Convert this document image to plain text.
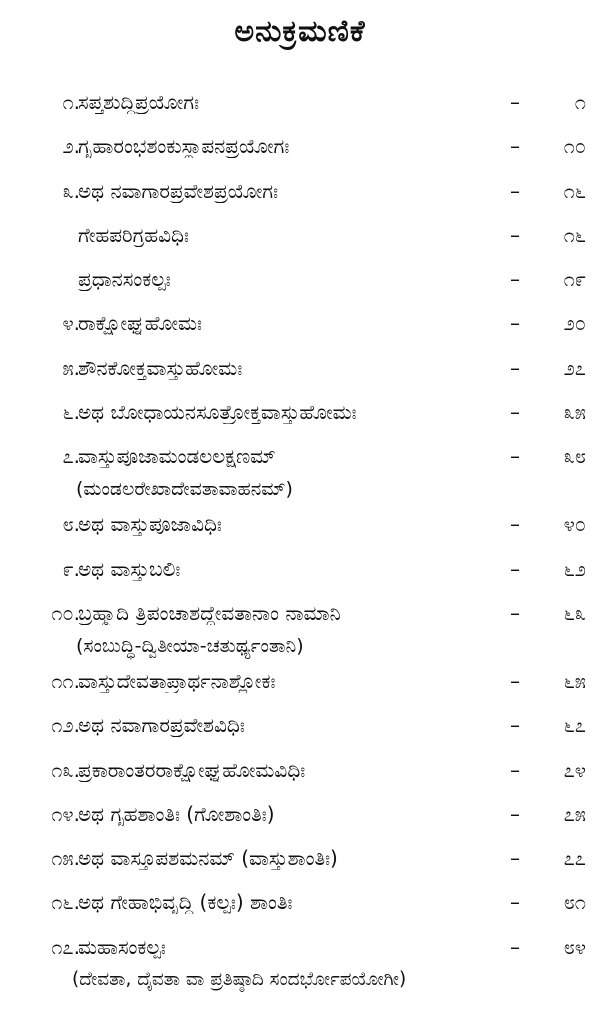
ಅನುಕ್ರಮಣಿಕೆ
೧.
ಸಪ್ತಶುದ್ಧಿಪ್ರಯೋಗಃ	–	೧
೨.
ಗೃಹಾರಂಭಶಂಕುಸ್ಥಾಪನಪ್ರಯೋಗಃ	–	೧೦
೩.
ಅಥ ನವಾಗಾರಪ್ರವೇಶಪ್ರಯೋಗಃ	–	೧೬
ಗೇಹಪರಿಗ್ರಹವಿಧಿಃ	–	೧೬
ಪ್ರಧಾನಸಂಕಲ್ಪಃ	–	೧೯
೪.
ರಾಕ್ಷೋಘ್ನಹೋಮಃ	–	೨೦
೫.
ಶೌನಕೋಕ್ತವಾಸ್ತುಹೋಮಃ	–	೨೭
೬.
ಅಥ ಬೋಧಾಯನಸೂತ್ರೋಕ್ತವಾಸ್ತುಹೋಮಃ	–	೩೫
೭.
ವಾಸ್ತುಪೂಜಾಮಂಡಲಲಕ್ಷಣಮ್
(ಮಂಡಲರೇಖಾದೇವತಾವಾಹನಮ್)
–	೩೮
೮.
ಅಥ ವಾಸ್ತುಪೂಜಾವಿಧಿಃ	–	೪೦
೯.
ಅಥ ವಾಸ್ತುಬಲಿಃ	–	೬೨
೧೦.
ಬ್ರಹ್ಮಾದಿ ತ್ರಿಪಂಚಾಶದ್ದೇವತಾನಾಂ ನಾಮಾನಿ
(ಸಂಬುದ್ಧಿ-ದ್ವಿತೀಯಾ-ಚತುರ್ಥ್ಯಂತಾನಿ)
–	೬೩
೧೧.
ವಾಸ್ತುದೇವತಾಪ್ರಾರ್ಥನಾಶ್ಲೋಕಃ	–	೬೫
೧೨.
ಅಥ ನವಾಗಾರಪ್ರವೇಶವಿಧಿಃ	–	೬೭
೧೩.
ಪ್ರಕಾರಾಂತರರಾಕ್ಷೋಘ್ನಹೋಮವಿಧಿಃ	–	೭೪
೧೪.
ಅಥ ಗೃಹಶಾಂತಿಃ (ಗೋಶಾಂತಿಃ)	–	೭೫
೧೫.
ಅಥ ವಾಸ್ತೂಪಶಮನಮ್ (ವಾಸ್ತುಶಾಂತಿಃ)	–	೭೭
೧೬.
ಅಥ ಗೇಹಾಭಿವೃದ್ಧಿ (ಕಲ್ಪಃ) ಶಾಂತಿಃ	–	೮೧
೧೭.
ಮಹಾಸಂಕಲ್ಪಃ
(ದೇವತಾ, ದೈವತಾ ವಾ ಪ್ರತಿಷ್ಠಾದಿ ಸಂದರ್ಭೋಪಯೋಗೀ)
–	೮೪
